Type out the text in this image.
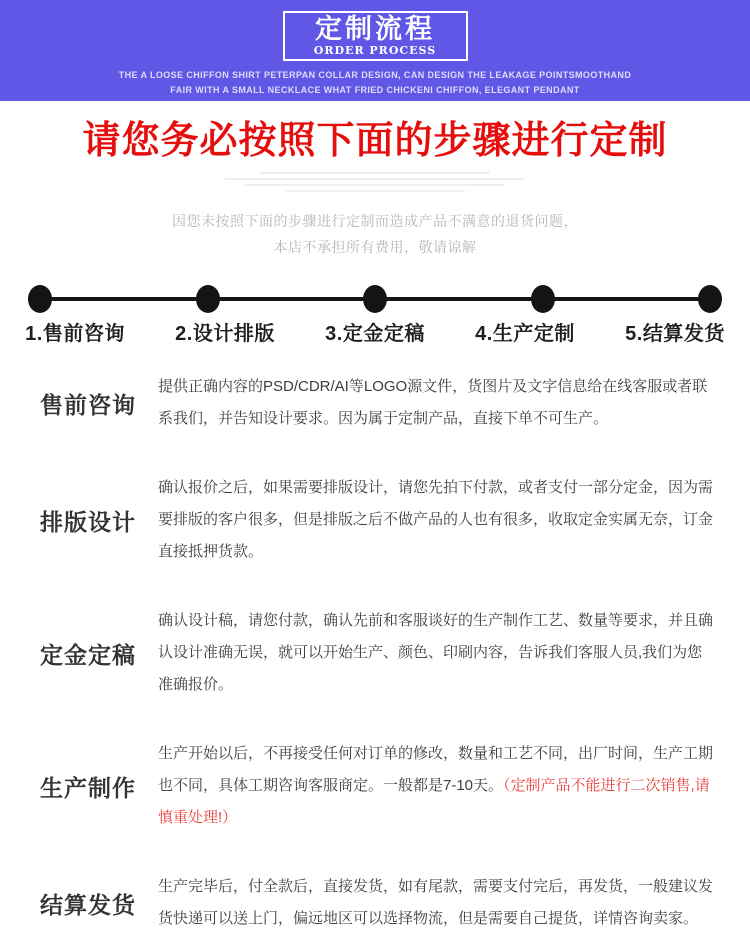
定制流程
ORDER PROCESS
THE A LOOSE CHIFFON SHIRT PETERPAN COLLAR DESIGN, CAN DESIGN THE LEAKAGE POINTSMOOTHAND
FAIR WITH A SMALL NECKLACE WHAT FRIED CHICKENI CHIFFON, ELEGANT PENDANT
请您务必按照下面的步骤进行定制
因您未按照下面的步骤进行定制而造成产品不满意的退货问题，
本店不承担所有费用，敬请谅解
1.售前咨询	2.设计排版	3.定金定稿	4.生产定制	5.结算发货
售前咨询
提供正确内容的PSD/CDR/AI等LOGO源文件，货图片及文字信息给在线客服或者联系我们，并告知设计要求。因为属于定制产品，直接下单不可生产。
排版设计
确认报价之后，如果需要排版设计，请您先拍下付款，或者支付一部分定金，因为需要排版的客户很多，但是排版之后不做产品的人也有很多，收取定金实属无奈，订金直接抵押货款。
定金定稿
确认设计稿，请您付款，确认先前和客服谈好的生产制作工艺、数量等要求，并且确认设计准确无误，就可以开始生产、颜色、印刷内容，告诉我们客服人员,我们为您准确报价。
生产制作
生产开始以后，不再接受任何对订单的修改，数量和工艺不同，出厂时间，生产工期也不同，具体工期咨询客服商定。一般都是7-10天。（定制产品不能进行二次销售,请慎重处理!）
结算发货
生产完毕后，付全款后，直接发货，如有尾款，需要支付完后，再发货，一般建议发货快递可以送上门，偏远地区可以选择物流，但是需要自己提货，详情咨询卖家。
